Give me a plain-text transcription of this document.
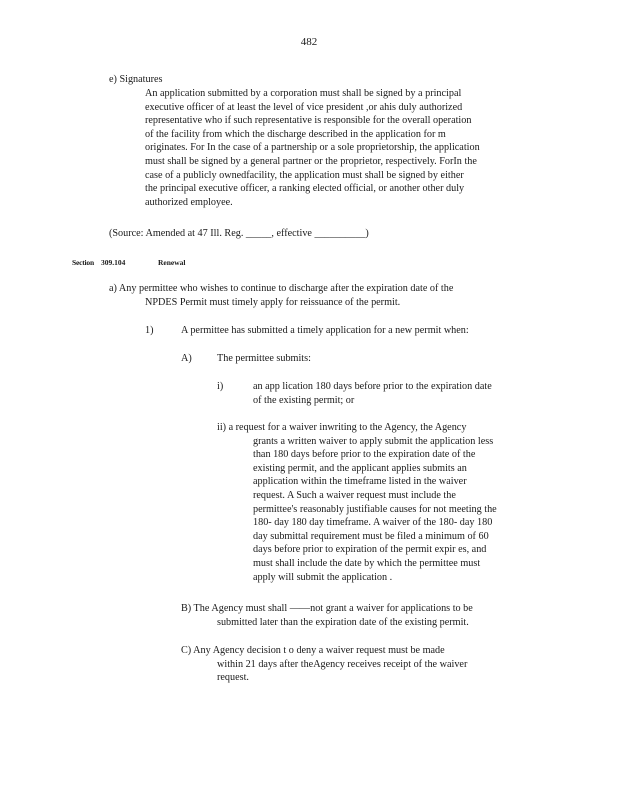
482
e) Signatures
An application submitted by a corporation must shall be signed by a principal
executive officer of at least the level of vice president ,or ahis duly authorized
representative who if such representative is responsible for the overall operation
of the facility from which the discharge described in the application for m
originates. For In the case of a partnership or a sole proprietorship, the application
must shall be signed by a general partner or the proprietor, respectively. ForIn the
case of a publicly ownedfacility, the application must shall be signed by either
the principal executive officer, a ranking elected official, or another other duly
authorized employee.
(Source: Amended at 47 Ill. Reg. _____, effective __________)
Section 309.104	Renewal
a) Any permittee who wishes to continue to discharge after the expiration date of the
NPDES Permit must timely apply for reissuance of the permit.
1)	A permittee has submitted a timely application for a new permit when:
A) The permittee submits:
i)	an app lication 180 days before prior to the expiration date
of the existing permit; or
ii) a request for a waiver inwriting to the Agency, the Agency
grants a written waiver to apply submit the application less
than 180 days before prior to the expiration date of the
existing permit, and the applicant applies submits an
application within the timeframe listed in the waiver
request. A Such a waiver request must include the
permittee's reasonably justifiable causes for not meeting the
180- day 180 day timeframe. A waiver of the 180- day 180
day submittal requirement must be filed a minimum of 60
days before prior to expiration of the permit expir es, and
must shall include the date by which the permittee must
apply will submit the application .
B) The Agency must shall ——not grant a waiver for applications to be
submitted later than the expiration date of the existing permit.
C) Any Agency decision t o deny a waiver request must be made
within 21 days after theAgency receives receipt of the waiver
request.
